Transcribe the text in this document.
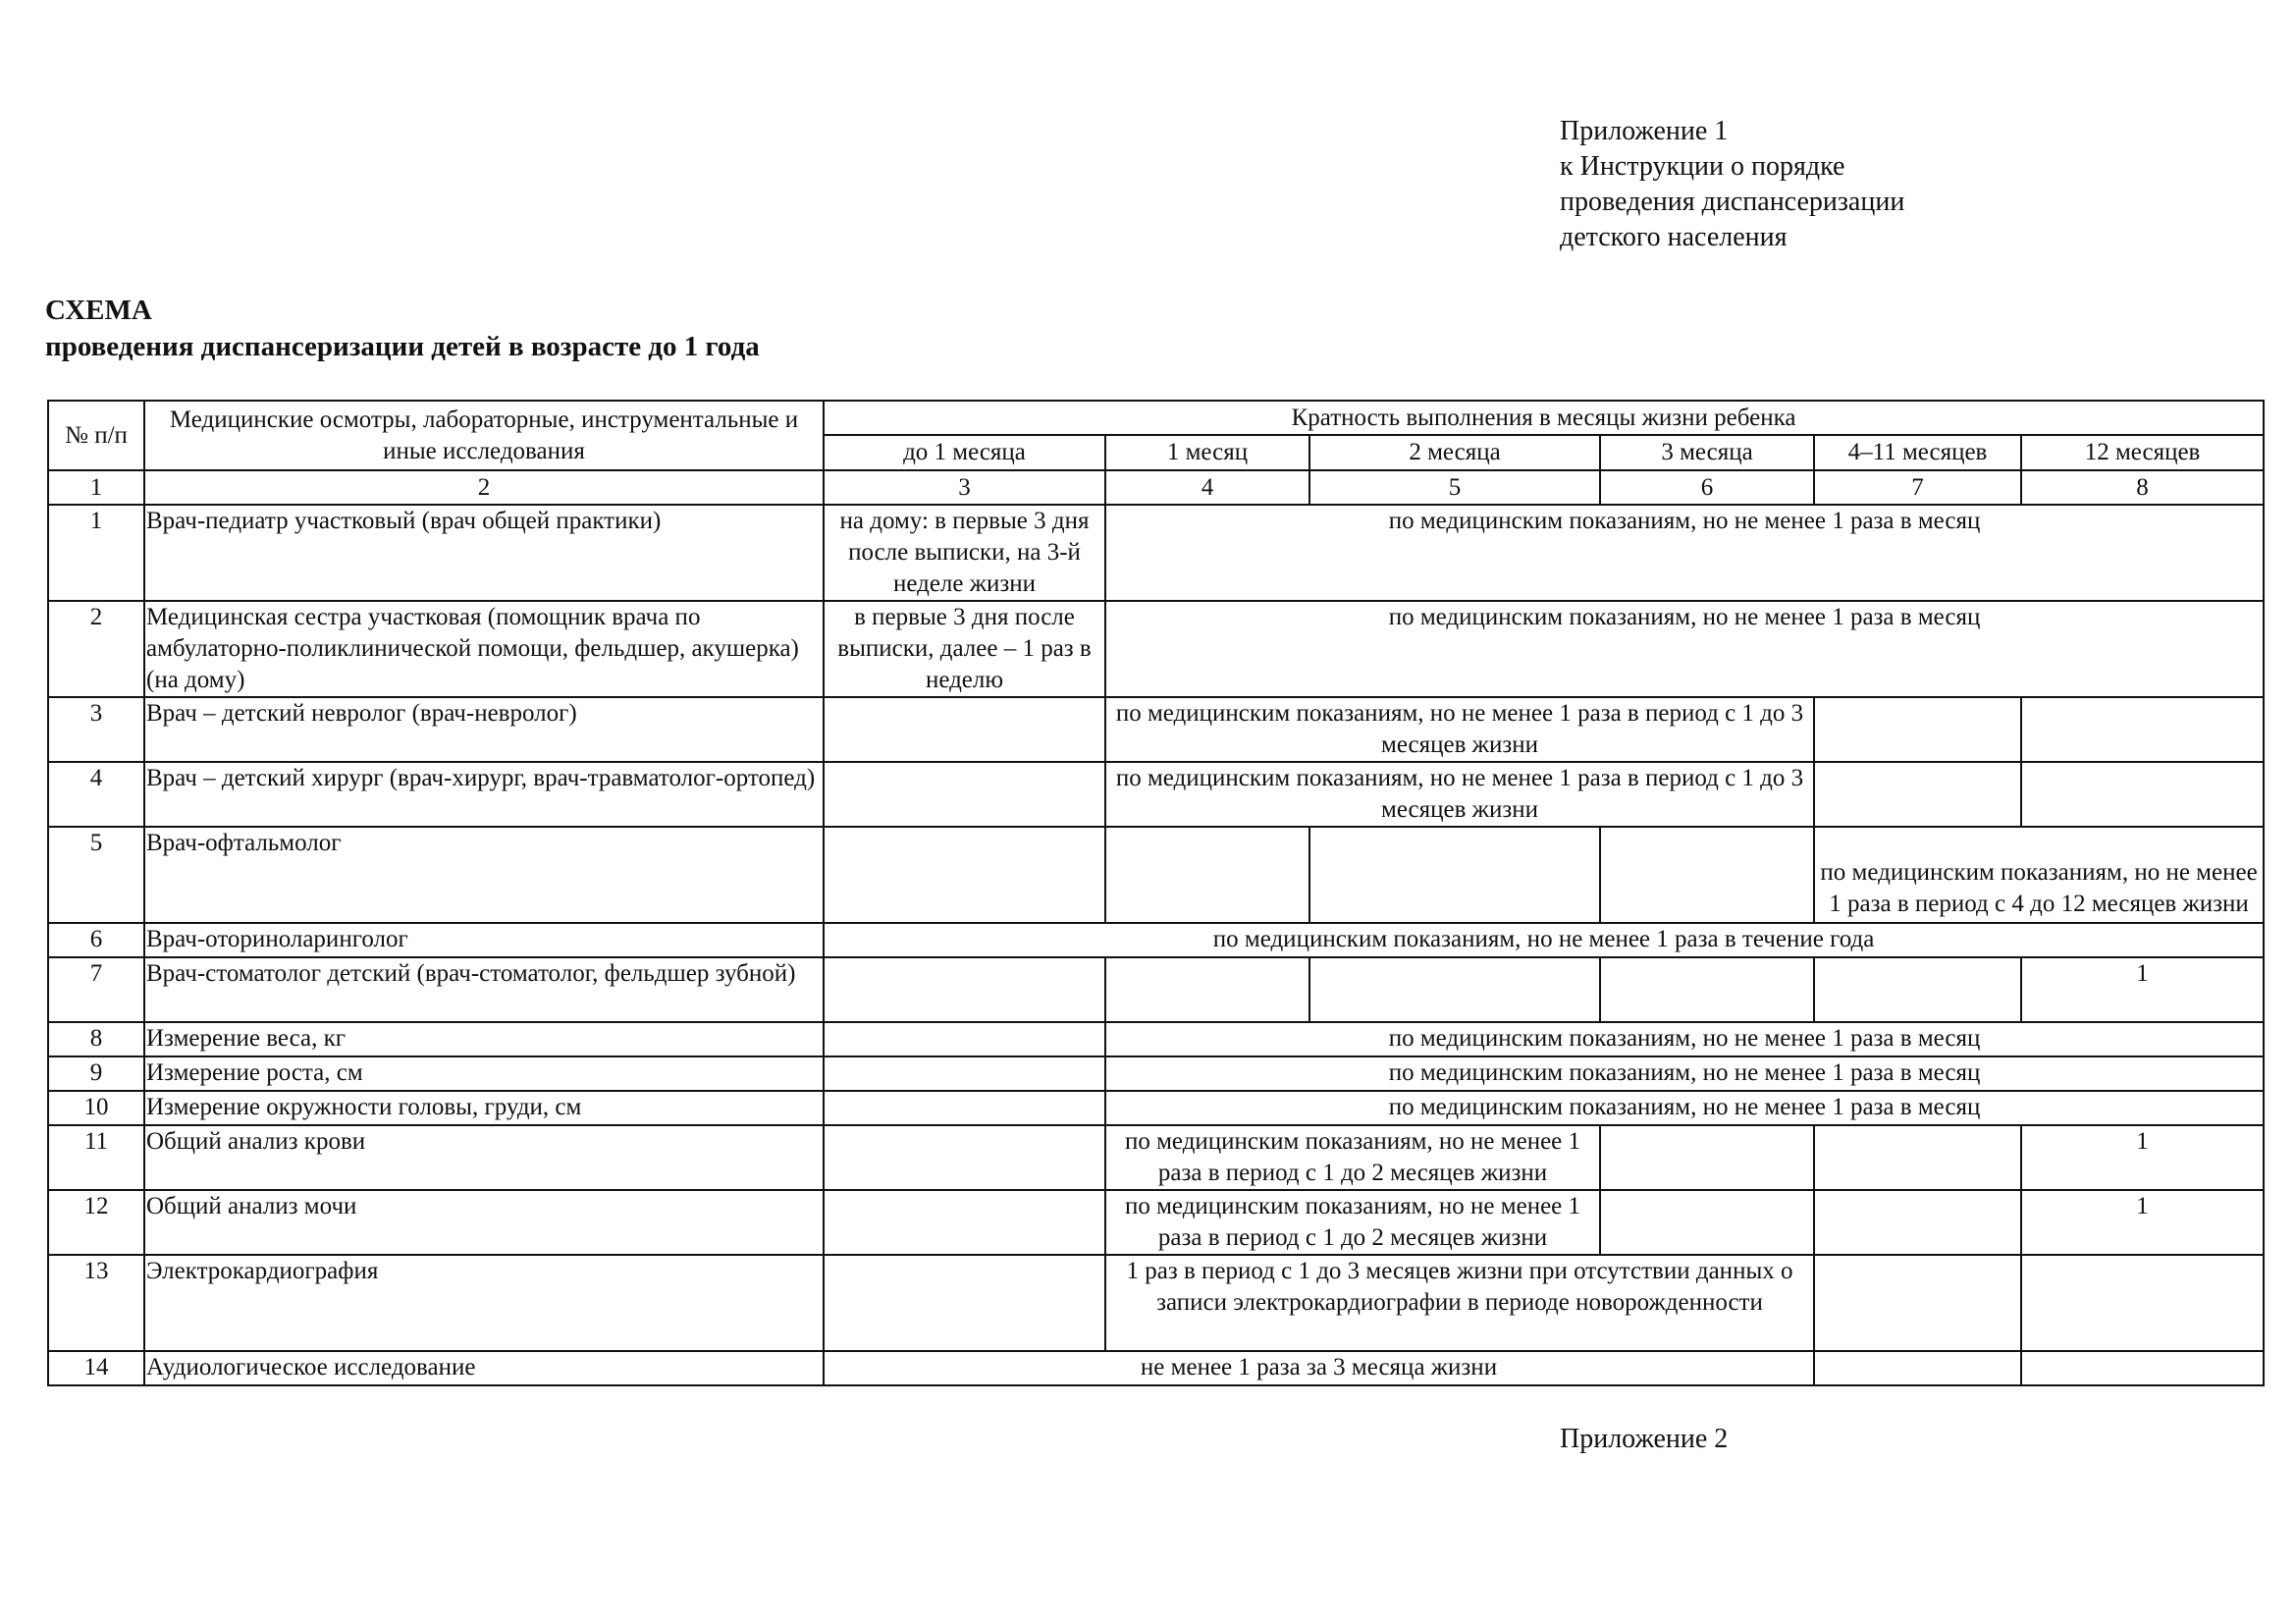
Приложение 1
к Инструкции о порядке
проведения диспансеризации
детского населения
СХЕМА
проведения диспансеризации детей в возрасте до 1 года
№ п/п	Медицинские осмотры, лабораторные, инструментальные и иные исследования	Кратность выполнения в месяцы жизни ребенка					
		до 1 месяца	1 месяц	2 месяца	3 месяца	4–11 месяцев	12 месяцев
1	2	3	4	5	6	7	8
1	Врач-педиатр участковый (врач общей практики)	на дому: в первые 3 дня после выписки, на 3-й неделе жизни	по медицинским показаниям, но не менее 1 раза в месяц				
2	Медицинская сестра участковая (помощник врача по амбулаторно-поликлинической помощи, фельдшер, акушерка) (на дому)	в первые 3 дня после выписки, далее – 1 раз в неделю	по медицинским показаниям, но не менее 1 раза в месяц				
3	Врач – детский невролог (врач-невролог)		по медицинским показаниям, но не менее 1 раза в период с 1 до 3 месяцев жизни				
4	Врач – детский хирург (врач-хирург, врач-травматолог-ортопед)		по медицинским показаниям, но не менее 1 раза в период с 1 до 3 месяцев жизни				
5	Врач-офтальмолог					по медицинским показаниям, но не менее 1 раза в период с 4 до 12 месяцев жизни	
6	Врач-оториноларинголог	по медицинским показаниям, но не менее 1 раза в течение года					
7	Врач-стоматолог детский (врач-стоматолог, фельдшер зубной)						1
8	Измерение веса, кг		по медицинским показаниям, но не менее 1 раза в месяц				
9	Измерение роста, см		по медицинским показаниям, но не менее 1 раза в месяц				
10	Измерение окружности головы, груди, см		по медицинским показаниям, но не менее 1 раза в месяц				
11	Общий анализ крови		по медицинским показаниям, но не менее 1 раза в период с 1 до 2 месяцев жизни				1
12	Общий анализ мочи		по медицинским показаниям, но не менее 1 раза в период с 1 до 2 месяцев жизни				1
13	Электрокардиография		1 раз в период с 1 до 3 месяцев жизни при отсутствии данных о записи электрокардиографии в периоде новорожденности				
14	Аудиологическое исследование	не менее 1 раза за 3 месяца жизни					
Приложение 2
